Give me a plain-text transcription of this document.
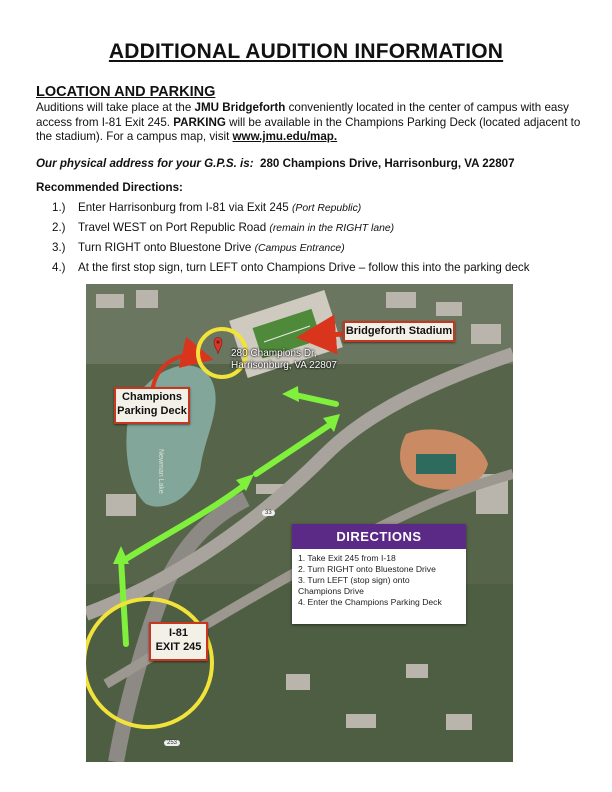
ADDITIONAL AUDITION INFORMATION
LOCATION AND PARKING
Auditions will take place at the JMU Bridgeforth conveniently located in the center of campus with easy access from I-81 Exit 245. PARKING will be available in the Champions Parking Deck (located adjacent to the stadium). For a campus map, visit www.jmu.edu/map.
Our physical address for your G.P.S. is: 280 Champions Drive, Harrisonburg, VA 22807
Recommended Directions:
1.)	Enter Harrisonburg from I-81 via Exit 245 (Port Republic)
2.)	Travel WEST on Port Republic Road (remain in the RIGHT lane)
3.)	Turn RIGHT onto Bluestone Drive (Campus Entrance)
4.)	At the first stop sign, turn LEFT onto Champions Drive – follow this into the parking deck
Bridgeforth Stadium
Champions
Parking Deck
I-81
EXIT 245
280 Champions Dr,
Harrisonburg, VA 22807
Newman Lake
33
253
DIRECTIONS
1. Take Exit 245 from I-18
2. Turn RIGHT onto Bluestone Drive
3. Turn LEFT (stop sign) onto
Champions Drive
4. Enter the Champions Parking Deck
